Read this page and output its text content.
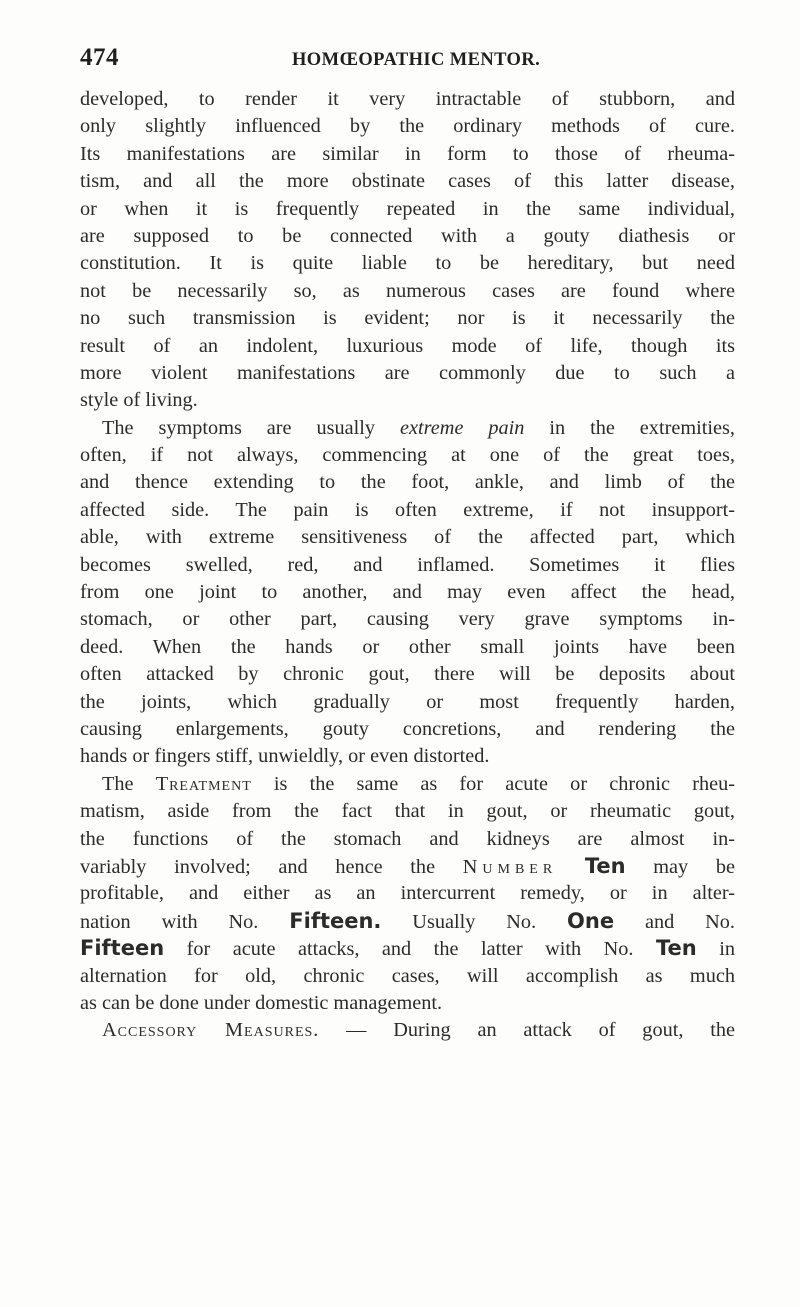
474	HOMŒOPATHIC MENTOR.
developed, to render it very intractable of stubborn, and
only slightly influenced by the ordinary methods of cure.
Its manifestations are similar in form to those of rheuma-
tism, and all the more obstinate cases of this latter disease,
or when it is frequently repeated in the same individual,
are supposed to be connected with a gouty diathesis or
constitution. It is quite liable to be hereditary, but need
not be necessarily so, as numerous cases are found where
no such transmission is evident; nor is it necessarily the
result of an indolent, luxurious mode of life, though its
more violent manifestations are commonly due to such a
style of living.
The symptoms are usually extreme pain in the extremities,
often, if not always, commencing at one of the great toes,
and thence extending to the foot, ankle, and limb of the
affected side. The pain is often extreme, if not insupport-
able, with extreme sensitiveness of the affected part, which
becomes swelled, red, and inflamed. Sometimes it flies
from one joint to another, and may even affect the head,
stomach, or other part, causing very grave symptoms in-
deed. When the hands or other small joints have been
often attacked by chronic gout, there will be deposits about
the joints, which gradually or most frequently harden,
causing enlargements, gouty concretions, and rendering the
hands or fingers stiff, unwieldly, or even distorted.
The Treatment is the same as for acute or chronic rheu-
matism, aside from the fact that in gout, or rheumatic gout,
the functions of the stomach and kidneys are almost in-
variably involved; and hence the Number Ten may be
profitable, and either as an intercurrent remedy, or in alter-
nation with No. Fifteen. Usually No. One and No.
Fifteen for acute attacks, and the latter with No. Ten in
alternation for old, chronic cases, will accomplish as much
as can be done under domestic management.
Accessory Measures. — During an attack of gout, the
